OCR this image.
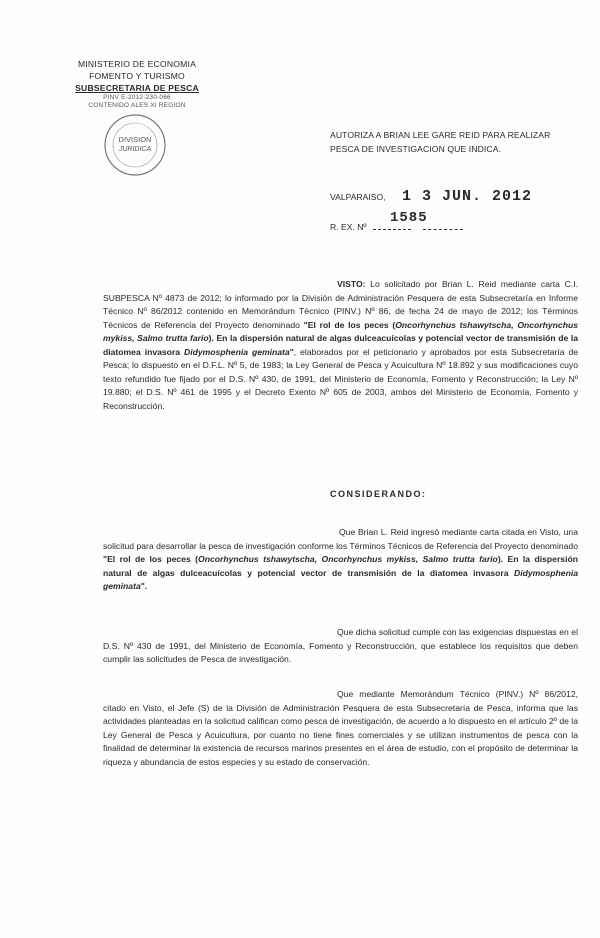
MINISTERIO DE ECONOMIA
FOMENTO Y TURISMO
SUBSECRETARIA DE PESCA
PINV E-2012-230-066
CONTENIDO ALES XI REGION
DIVISION
JURIDICA
AUTORIZA A BRIAN LEE GARE REID PARA REALIZAR PESCA DE INVESTIGACION QUE INDICA.
VALPARAISO, 1 3 JUN. 2012
R. EX. Nº
1585
VISTO: Lo solicitado por Brian L. Reid mediante carta C.I. SUBPESCA Nº 4873 de 2012; lo informado por la División de Administración Pesquera de esta Subsecretaría en Informe Técnico Nº 86/2012 contenido en Memorándum Técnico (PINV.) Nº 86, de fecha 24 de mayo de 2012; los Términos Técnicos de Referencia del Proyecto denominado "El rol de los peces (Oncorhynchus tshawytscha, Oncorhynchus mykiss, Salmo trutta fario). En la dispersión natural de algas dulceacuícolas y potencial vector de transmisión de la diatomea invasora Didymosphenia geminata", elaborados por el peticionario y aprobados por esta Subsecretaría de Pesca; lo dispuesto en el D.F.L. Nº 5, de 1983; la Ley General de Pesca y Acuicultura Nº 18.892 y sus modificaciones cuyo texto refundido fue fijado por el D.S. Nº 430, de 1991, del Ministerio de Economía, Fomento y Reconstrucción; la Ley Nº 19.880; el D.S. Nº 461 de 1995 y el Decreto Exento Nº 605 de 2003, ambos del Ministerio de Economía, Fomento y Reconstrucción.
CONSIDERANDO:
Que Brian L. Reid ingresó mediante carta citada en Visto, una solicitud para desarrollar la pesca de investigación conforme los Términos Técnicos de Referencia del Proyecto denominado "El rol de los peces (Oncorhynchus tshawytscha, Oncorhynchus mykiss, Salmo trutta fario). En la dispersión natural de algas dulceacuícolas y potencial vector de transmisión de la diatomea invasora Didymosphenia geminata".
Que dicha solicitud cumple con las exigencias dispuestas en el D.S. Nº 430 de 1991, del Ministerio de Economía, Fomento y Reconstrucción, que establece los requisitos que deben cumplir las solicitudes de Pesca de investigación.
Que mediante Memorándum Técnico (PINV.) Nº 86/2012, citado en Visto, el Jefe (S) de la División de Administración Pesquera de esta Subsecretaría de Pesca, informa que las actividades planteadas en la solicitud califican como pesca de investigación, de acuerdo a lo dispuesto en el artículo 2º de la Ley General de Pesca y Acuicultura, por cuanto no tiene fines comerciales y se utilizan instrumentos de pesca con la finalidad de determinar la existencia de recursos marinos presentes en el área de estudio, con el propósito de determinar la riqueza y abundancia de estos especies y su estado de conservación.
